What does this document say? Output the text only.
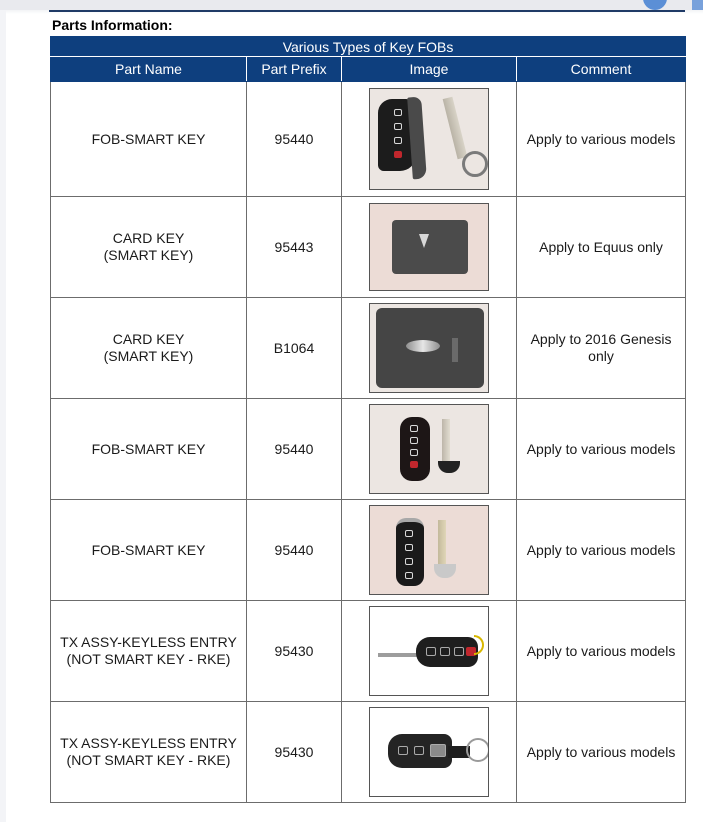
Parts Information:
Various Types of Key FOBs			
Part Name	Part Prefix	Image	Comment

FOB-SMART KEY	95440		Apply to various models

CARD KEY
(SMART KEY)	95443		Apply to Equus only

CARD KEY
(SMART KEY)	B1064		Apply to 2016 Genesis
only

FOB-SMART KEY	95440		Apply to various models

FOB-SMART KEY	95440		Apply to various models

TX ASSY-KEYLESS ENTRY
(NOT SMART KEY - RKE)	95430		Apply to various models

TX ASSY-KEYLESS ENTRY
(NOT SMART KEY - RKE)	95430		Apply to various models
